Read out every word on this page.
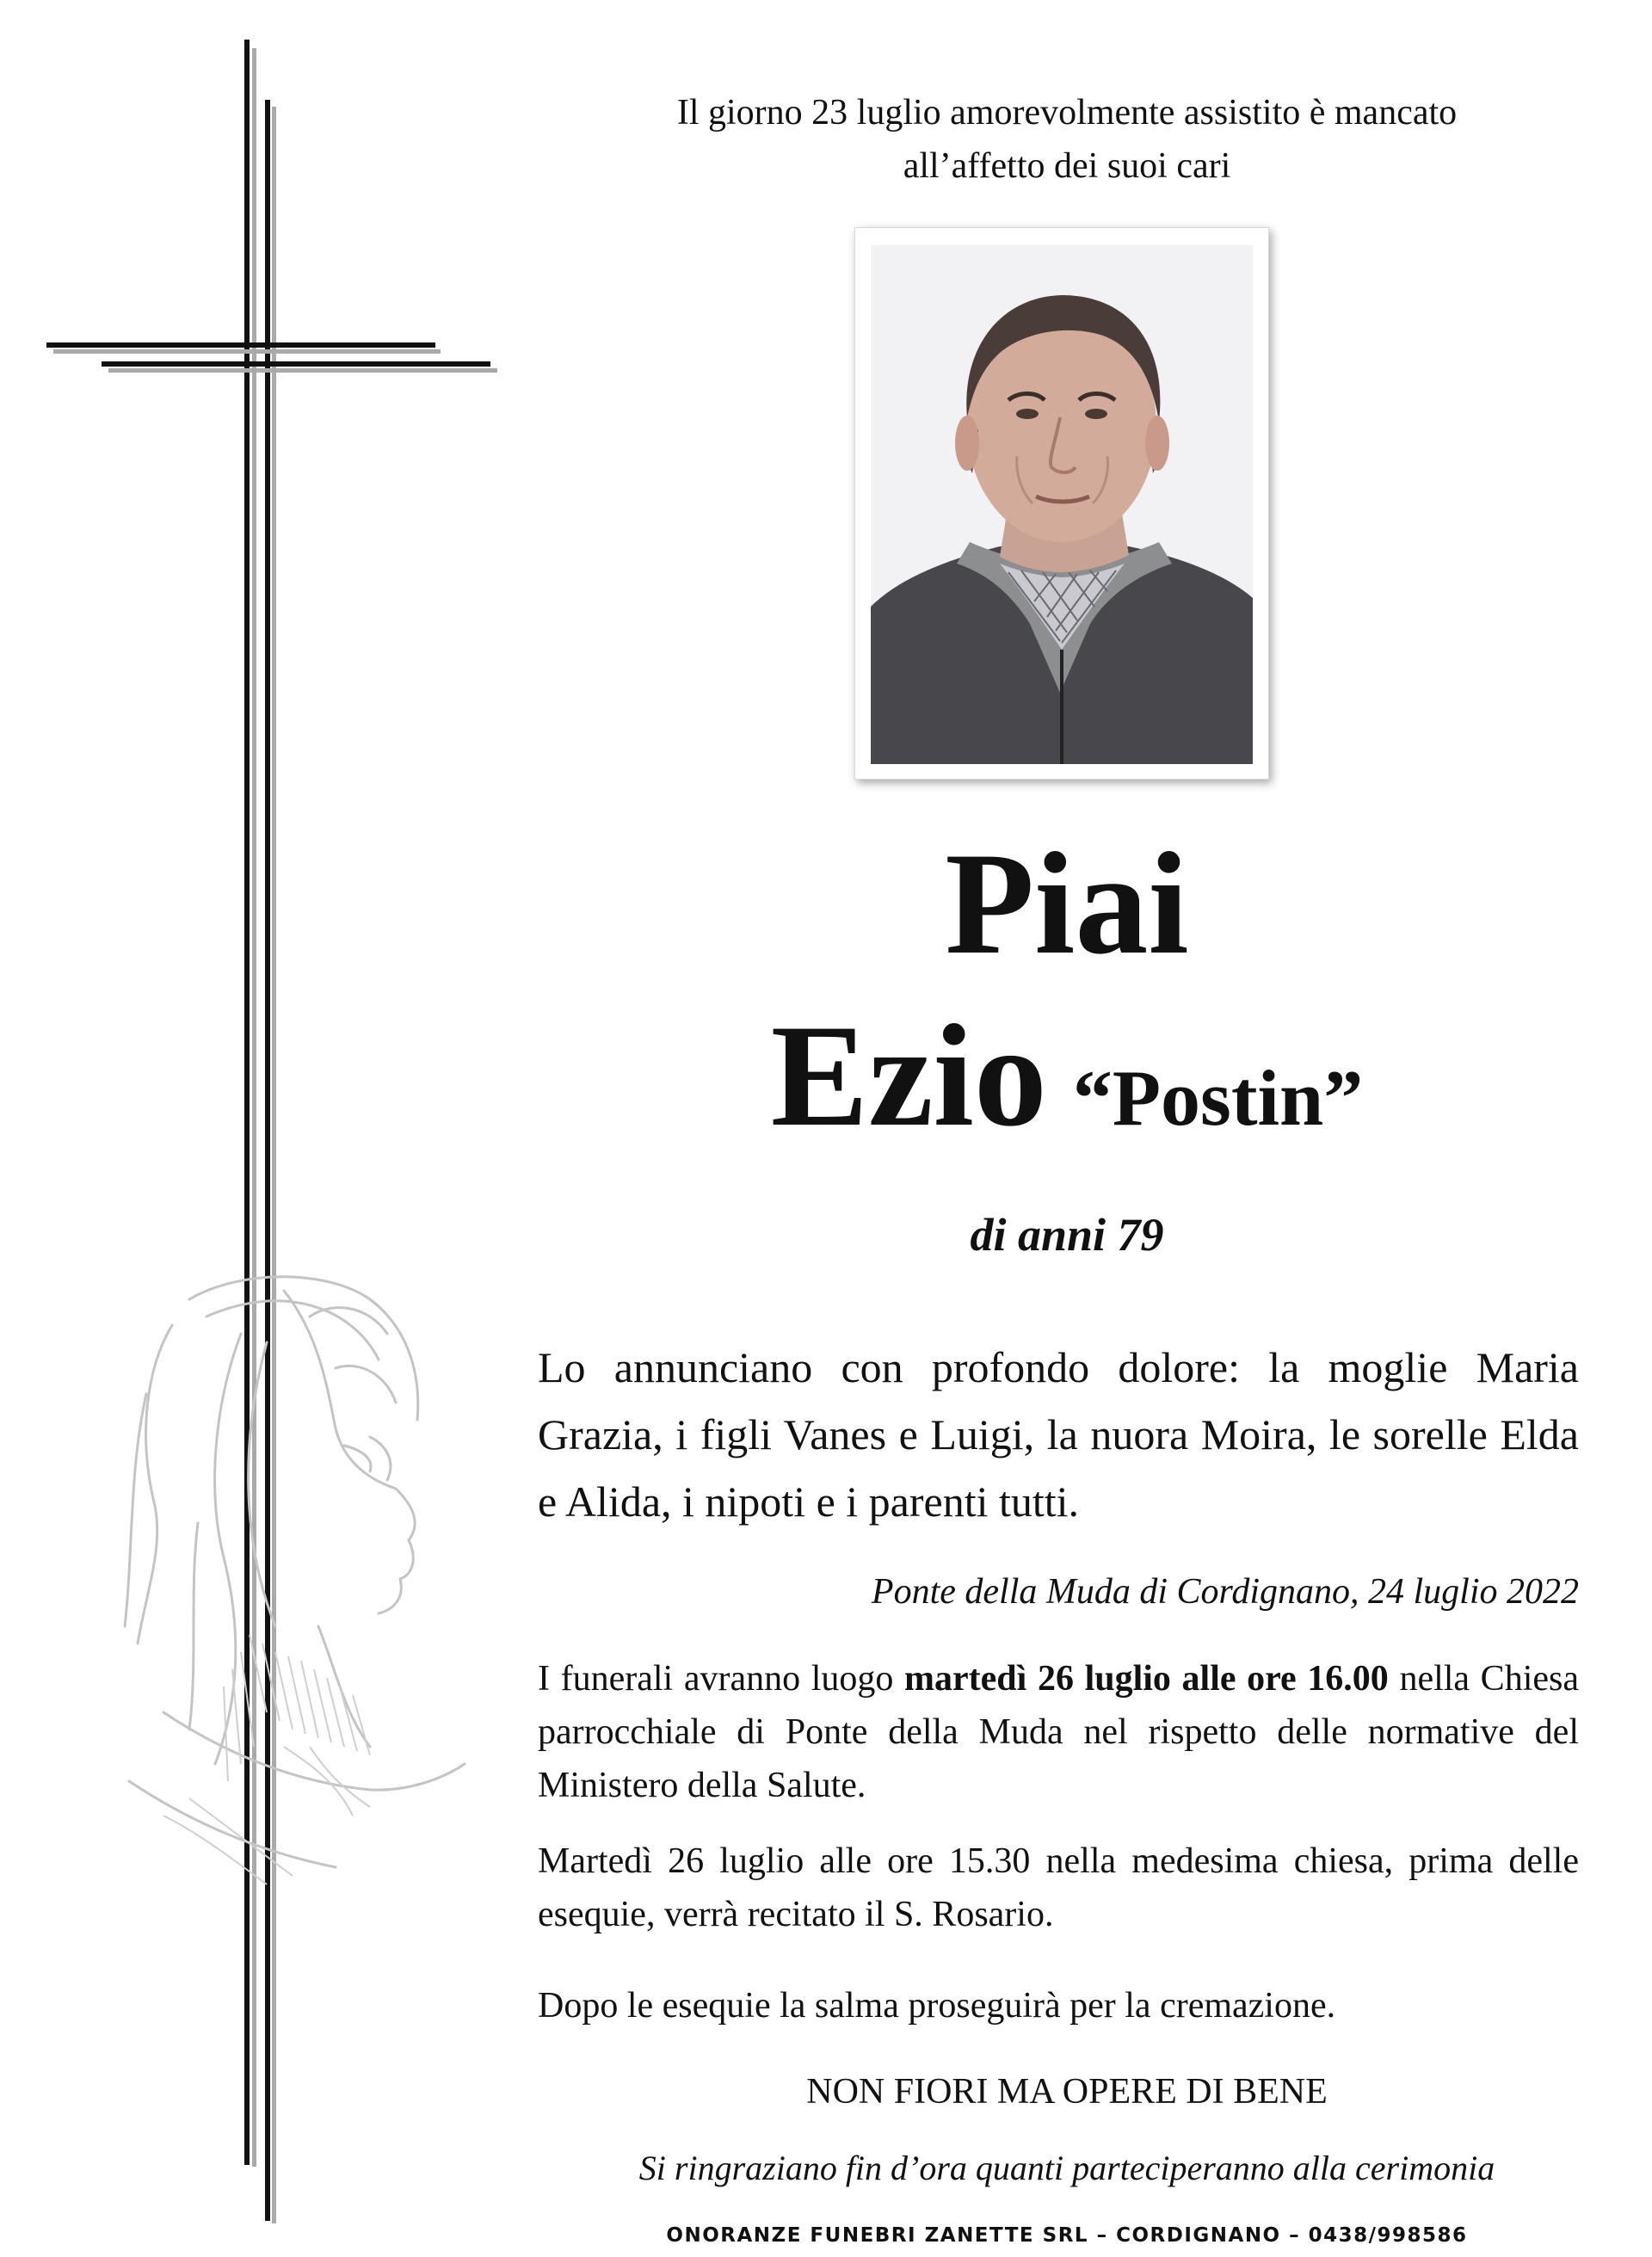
Il giorno 23 luglio amorevolmente assistito è mancato
all’affetto dei suoi cari
Piai
Ezio “Postin”
di anni 79
Lo annunciano con profondo dolore: la moglie Maria Grazia, i figli Vanes e Luigi, la nuora Moira, le sorelle Elda e Alida, i nipoti e i parenti tutti.
Ponte della Muda di Cordignano, 24 luglio 2022
I funerali avranno luogo martedì 26 luglio alle ore 16.00 nella Chiesa parrocchiale di Ponte della Muda nel rispetto delle normative del Ministero della Salute.
Martedì 26 luglio alle ore 15.30 nella medesima chiesa, prima delle esequie, verrà recitato il S. Rosario.
Dopo le esequie la salma proseguirà per la cremazione.
NON FIORI MA OPERE DI BENE
Si ringraziano fin d’ora quanti parteciperanno alla cerimonia
ONORANZE FUNEBRI ZANETTE SRL – CORDIGNANO – 0438/998586
